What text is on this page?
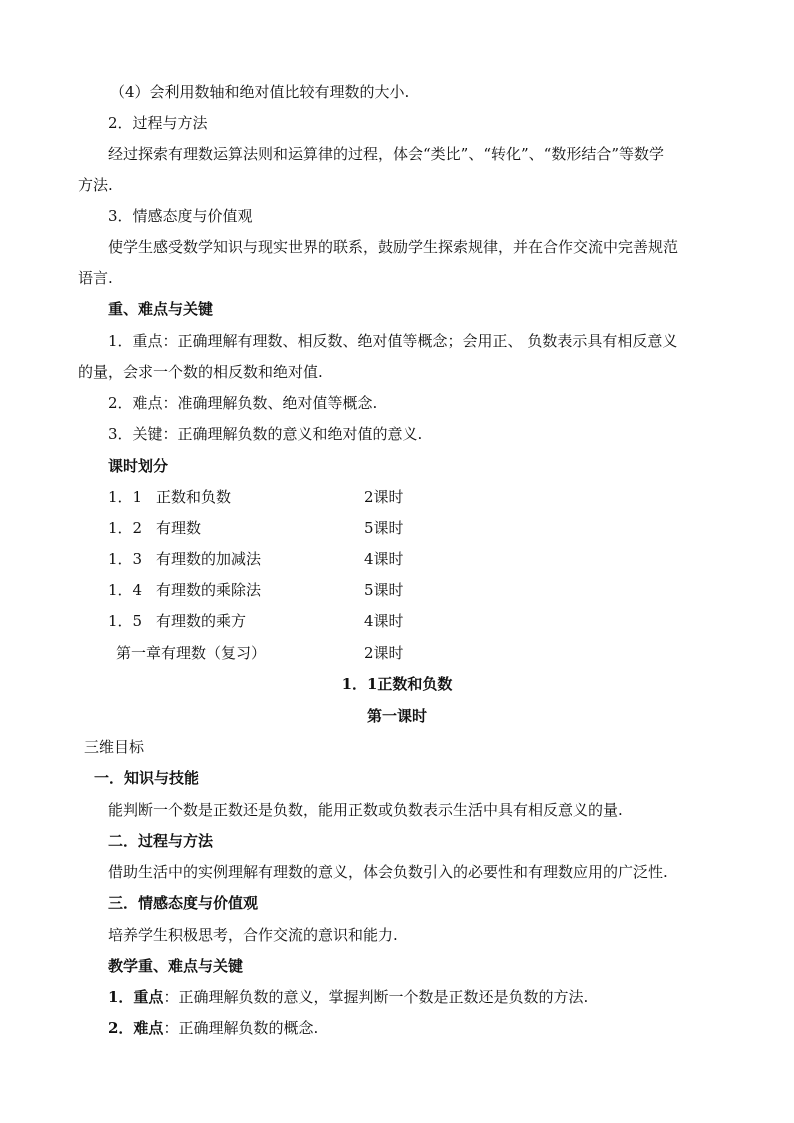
（4）会利用数轴和绝对值比较有理数的大小.
2．过程与方法
经过探索有理数运算法则和运算律的过程，体会“类比”、“转化”、“数形结合”等数学
方法.
3．情感态度与价值观
使学生感受数学知识与现实世界的联系，鼓励学生探索规律，并在合作交流中完善规范
语言.
重、难点与关键
1．重点：正确理解有理数、相反数、绝对值等概念；会用正、 负数表示具有相反意义
的量，会求一个数的相反数和绝对值.
2．难点：准确理解负数、绝对值等概念.
3．关键：正确理解负数的意义和绝对值的意义.
课时划分
1．1 正数和负数	2课时
1．2 有理数	5课时
1．3 有理数的加减法	4课时
1．4 有理数的乘除法	5课时
1．5 有理数的乘方	4课时
第一章有理数（复习）	2课时
1．1正数和负数
第一课时
三维目标
一．知识与技能
能判断一个数是正数还是负数，能用正数或负数表示生活中具有相反意义的量.
二．过程与方法
借助生活中的实例理解有理数的意义，体会负数引入的必要性和有理数应用的广泛性.
三．情感态度与价值观
培养学生积极思考，合作交流的意识和能力.
教学重、难点与关键
1．重点：正确理解负数的意义，掌握判断一个数是正数还是负数的方法.
2．难点：正确理解负数的概念.
